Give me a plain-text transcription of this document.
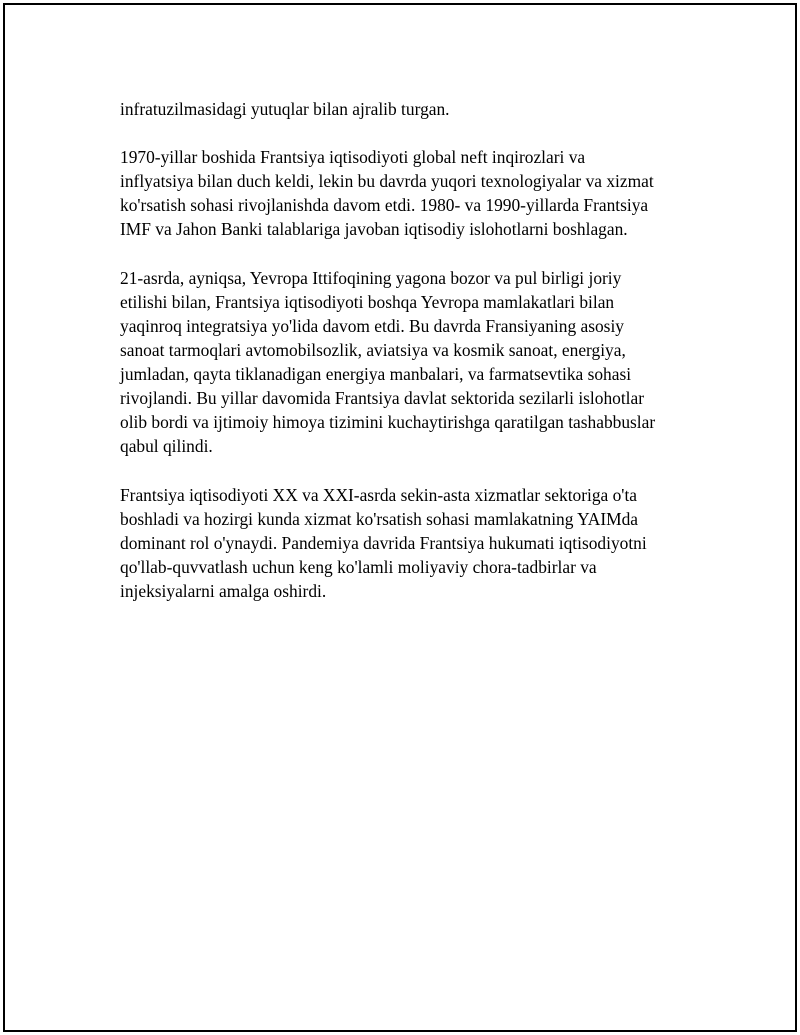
infratuzilmasidagi yutuqlar bilan ajralib turgan.

1970-yillar boshida Frantsiya iqtisodiyoti global neft inqirozlari va
inflyatsiya bilan duch keldi, lekin bu davrda yuqori texnologiyalar va xizmat
ko'rsatish sohasi rivojlanishda davom etdi. 1980- va 1990-yillarda Frantsiya
IMF va Jahon Banki talablariga javoban iqtisodiy islohotlarni boshlagan.

21-asrda, ayniqsa, Yevropa Ittifoqining yagona bozor va pul birligi joriy
etilishi bilan, Frantsiya iqtisodiyoti boshqa Yevropa mamlakatlari bilan
yaqinroq integratsiya yo'lida davom etdi. Bu davrda Fransiyaning asosiy
sanoat tarmoqlari avtomobilsozlik, aviatsiya va kosmik sanoat, energiya,
jumladan, qayta tiklanadigan energiya manbalari, va farmatsevtika sohasi
rivojlandi. Bu yillar davomida Frantsiya davlat sektorida sezilarli islohotlar
olib bordi va ijtimoiy himoya tizimini kuchaytirishga qaratilgan tashabbuslar
qabul qilindi.

Frantsiya iqtisodiyoti XX va XXI-asrda sekin-asta xizmatlar sektoriga o'ta
boshladi va hozirgi kunda xizmat ko'rsatish sohasi mamlakatning YAIMda
dominant rol o'ynaydi. Pandemiya davrida Frantsiya hukumati iqtisodiyotni
qo'llab-quvvatlash uchun keng ko'lamli moliyaviy chora-tadbirlar va
injeksiyalarni amalga oshirdi.
